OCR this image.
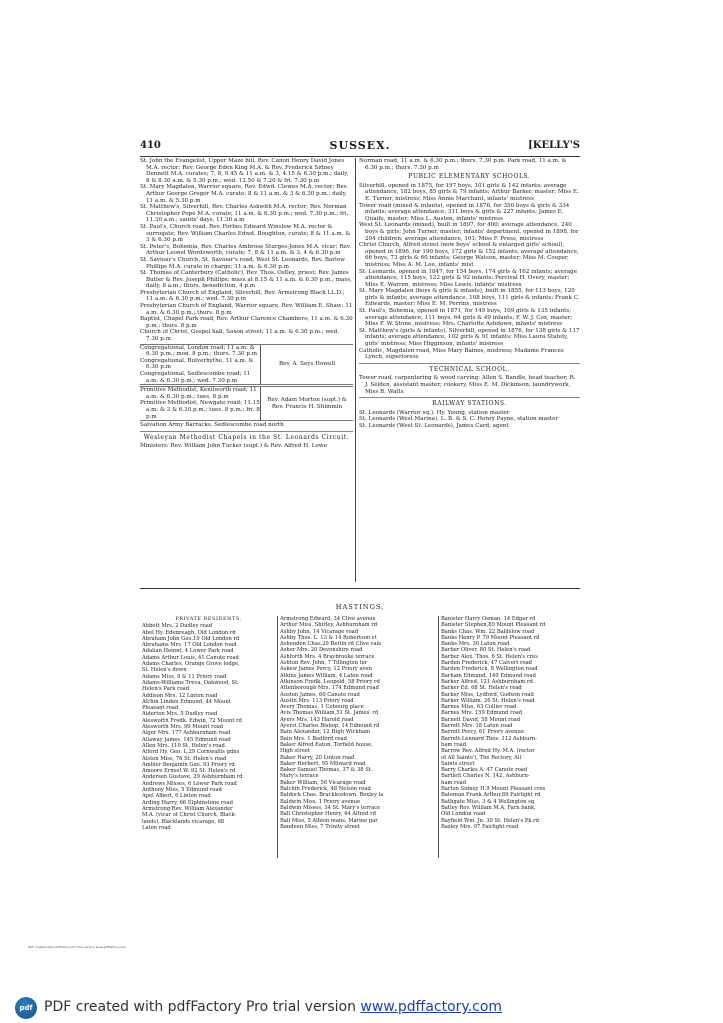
410	SUSSEX.	[KELLY'S

St. John the Evangelist, Upper Maze hill, Rev. Canon Henry David Jones M.A. rector; Rev. George Eden King M.A. & Rev. Frederick Sidney Dennett M.A. curates; 7, 8, 9.45 & 11 a.m. & 3, 4.15 & 6.30 p.m.; daily, 8 & 8.30 a.m. & 5.30 p.m.; wed. 12.50 & 7.20 & fri. 7.30 p.m

St. Mary Magdalen, Warrior square, Rev. Edwd. Clowes M.A. rector; Rev. Arthur George Gregor M.A. curate; 8 & 11 a.m. & 3 & 6.30 p.m.; daily, 11 a.m. & 5.30 p.m

St. Matthew's, Silverhill, Rev. Charles Askwith M.A. rector; Rev. Norman Christopher Pope M.A. curate; 11 a.m. & 6.30 p.m.; wed. 7.30 p.m.; fri. 11.30 a.m.; saints' days, 11.30 a.m

St. Paul's, Church road, Rev. Forbes Edward Winslow M.A. rector & surrogate; Rev. William Charles Edwd. Boughton, curate; 8 & 11 a.m. & 3 & 6.30 p.m

St. Peter's, Bohemia, Rev. Charles Ambrose Sturges-Jones M.A. vicar; Rev. Arthur Leonel Wordsworth, curate; 7, 8 & 11 a.m. & 3, 4 & 6.30 p.m

St. Saviour's Church, St. Saviour's road, West St. Leonards, Rev. Barlow Phillips M.A. curate in charge; 11 a.m. & 6.30 p.m

St. Thomas of Canterbury (Catholic), Rev. Thos. Ostley, priest; Rev. James Butler & Rev. Joseph Phillips; mass at 8.15 & 11 a.m. & 6.30 p.m.; mass, daily, 8 a.m.; thurs. benediction, 4 p.m

Presbyterian Church of England, Silverhill, Rev. Armstrong Black LL.D.; 11 a.m. & 6.30 p.m.; wed. 7.30 p.m

Presbyterian Church of England, Warrior square, Rev. William E. Shaw; 11 a.m. & 6.30 p.m.; thurs. 8 p.m

Baptist, Chapel Park road, Rev. Arthur Clarence Chambers; 11 a.m. & 6.30 p.m.; thurs. 8 p.m

Church of Christ, Gospel hall, Saxon street; 11 a.m. & 6.30 p.m.; wed. 7.30 p.m

Congregational, London road; 11 a.m. & 6.30 p.m.; mon. 8 p.m.; thurs. 7.30 p.m

Congregational, Bulverhythe, 11 a.m. & 6.30 p.m

Congregational, Sedlescombe road; 11 a.m. & 6.30 p.m.; wed. 7.30 p.m

Rev. A. Seys Howell

Primitive Methodist, Kenilworth road; 11 a.m. & 6.30 p.m.; tues. 8 p.m

Primitive Methodist, Newgate road; 11.15 a.m. & 3 & 6.30 p.m.; tues. 8 p.m.; fri. 8 p.m

Rev. Adam Morton (supt.) & Rev. Francis H. Shimmin

Salvation Army Barracks, Sedlescombe road north

Wesleyan Methodist Chapels in the St. Leonards Circuit.

Ministers: Rev. William John Tucker (supt.) & Rev. Alfred H. Lowe

Norman road, 11 a.m. & 6.30 p.m.; thurs. 7.30 p.m. Park road, 11 a.m. & 6.30 p.m.; thurs. 7.30 p.m

PUBLIC ELEMENTARY SCHOOLS.

Silverhill, opened in 1875, for 197 boys, 101 girls & 142 infants; average attendance, 182 boys, 85 girls & 79 infants; Arthur Barker, master; Miss E. E. Turner, mistress; Miss Annie Marchant, infants' mistress

Tower road (mixed & infants), opened in 1876, for 350 boys & girls & 334 infants; average attendance, 311 boys & girls & 227 infants; James E. Quaife, master; Miss L. Austen, infants' mistress

West St. Leonards (mixed), built in 1897, for 400; average attendance, 240 boys & girls; John Turner, master; infants' department, opened in 1898, for 294 children; average attendance, 101; Miss F. Press, mistress

Christ Church, Alfred street (now boys' school & enlarged girls' school), opened in 1896, for 190 boys, 172 girls & 152 infants; average attendance, 66 boys, 73 girls & 60 infants; George Watson, master; Miss M. Cooper, mistress; Miss A. M. Lee, infants' mist

St. Leonards, opened in 1847, for 154 boys, 174 girls & 162 infants; average attendance, 115 boys, 122 girls & 92 infants; Percival H. Overy, master; Miss E. Warren, mistress; Miss Lewis, infants' mistress

St. Mary Magdalen (boys & girls & infants), built in 1855, for 113 boys, 120 girls & infants; average attendance, 108 boys, 111 girls & infants; Frank C. Edwards, master; Miss E. M. Perrins, mistress

St. Paul's, Bohemia, opened in 1871, for 149 boys, 109 girls & 135 infants; average attendance, 111 boys, 64 girls & 49 infants; F. W. J. Cox, master; Miss F. W. Stone, mistress; Mrs. Charlotte Ashdown, infants' mistress

St. Matthew's (girls & infants), Silverhill, opened in 1876, for 138 girls & 117 infants; average attendance, 102 girls & 91 infants; Miss Laura Stately, girls' mistress; Miss Higginson, infants' mistress

Catholic, Magdalen road, Miss Mary Baines, mistress; Madame Frances Lynch, superioress

TECHNICAL SCHOOL.

Tower road, carpentering & wood carving: Allen S. Bandle, head teacher; R. J. Selden, assistant master; cookery, Miss E. M. Dickinson; laundrywork, Miss B. Watts

RAILWAY STATIONS.

St. Leonards (Warrior sq.), Hy. Young, station master

St. Leonards (West Marina), L. B. & S. C. Henry Payne, station master

St. Leonards (West St. Leonards), James Card, agent

HASTINGS.
PRIVATE RESIDENTS.

Abbott Mrs. 2 Dudley road

Abel Hy. Edenreagh, Old London rd

Abraham John Geo.19 Old London rd

Abrahams Mrs. 17 Old London road

Adalian Hemnt, 4 Lower Park road

Adams Arthur Louis, 41 Canute road

Adams Charles, Orange Grove lodge,

St. Helen's down

Adams Miss, 9 & 11 Priory road

Adams-Williams Treva, Oakwood, St.

Helen's Park road

Addison Mrs. 12 Linton road

Alchin Linden Edmund, 44 Mount

Pleasant road

Alderton Mrs. 5 Dudley road

Alesworth Fredk. Edwin, 72 Mount rd

Alesworth Mrs. 90 Mount road

Alger Mrs. 177 Ashburnham road

Allaway James, 145 Edmund road

Allen Mrs. 110 St. Helen's road

Alford Hy. Geo. L.29 Cornwallis gdns

Alston Miss, 76 St. Helen's road

Ambler Benjamin Geo. 93 Priory rd

Amoore Ernest W. 92 St. Helen's rd

Andersen Gustave, 29 Ashburnham rd

Andrews Misses, 6 Lower Park road

Anthony Miss, 5 Edmund road

Apel Albert, 6 Linton road

Arding Harry, 66 Elphinstone road

Armstrong Rev. William Alexander

M.A. (vicar of Christ Church, Black-

lands), Blacklands vicarage, 88

Laton road

Armstrong Edward, 34 Clive avenue

Arthur Miss, Shirley, Ashburnham rd

Ashby John, 14 Vicarage road

Ashby Thos. L. 13 & 14 Robertson st

Ashenden Chas.29 Berlin rd Clive vale

Asher Mrs. 20 Devonshire road

Ashforth Mrs. 4 Braybrooke terrace

Ashton Rev. John, 7 Tillington ter

Askew James Percy, 12 Priory aven

Atkins James William, 4 Laton road

Atkinson Fredk. Leopold, 58 Priory rd

Attenborough Mrs. 174 Edmund road

Austen James, 60 Canute road

Austin Mrs. 113 Priory road

Avery Thomas, 1 Cobourg place

Avis Thomas William,51 St. James' rd

Ayers Mrs. 143 Harold road

Ayerst Charles Bishop, 14 Edmund rd

Bain Alexander, 12 High Wickham

Bain Mrs. 1 Bedford road

Baker Alfred Eaton, Torfield house,

High street

Baker Harry, 20 Linton road

Baker Herbert, 95 Milward road

Baker Samuel Thomas, 37 & 38 St.

Mary's terrace

Baker William, 56 Vicarage road

Balchin Frederick, 48 Nelson road

Baldock Chas. Bracklesdown, Bexley la

Baldwin Miss, 1 Priory avenue

Baldwin Misses, 34 St. Mary's terrace

Ball Christopher Henry, 44 Alfred rd

Ball Miss, 5 Albion mans. Marine par

Bandeen Miss, 7 Trinity street

Banister Harry Osman, 14 Edgar rd

Banister Stephen,89 Mount Pleasant rd

Banks Chas. Wm. 22 Baldslow road

Banks Henry P. 79 Mount Pleasant rd

Banks Mrs. 30 Laton road

Barber Oliver, 80 St. Helen's road

Barber Alex. Thos. 6 St. Helen's cres

Barden Frederick, 47 Calvert road

Barden Frederick, 8 Wellington road

Barham Edmund, 140 Edmund road

Barker Alfred, 121 Ashburnham rd

Barker Ed. 68 St. Helen's road

Barker Miss, Lydford, Godwin road

Barker William, 26 St. Helen's road

Barnes Miss, 63 Collier road

Barnes Mrs. 159 Edmund road

Barnett David, 58 Mount road

Barrett Mrs. 18 Laton road

Barrett Percy, 61 Priory avenue

Barrett-Lennard Thos. 112 Ashburn-

ham road

Barrow Rev. Alfred Hy. M.A. (rector

of All Saints'), The Rectory, All

Saints street

Barry Charles A. 47 Canute road

Bartlett Charles N. 142, Ashburn-

ham road

Barton Sidney H.9 Mount Pleasant cres

Bateman Frank Arthur,89 Fairlight rd

Bathgate Miss, 3 & 4 Wellington sq

Batley Rev. William M.A. Farn bank,

Old London road

Bayfield Wm. Jn. 30 St. Helen's Pk.rd

Bazley Mrs. 97 Fairlight road

PDF created with pdfFactory Pro trial version www.pdffactory.com
pdf PDF created with pdfFactory Pro trial version www.pdffactory.com
